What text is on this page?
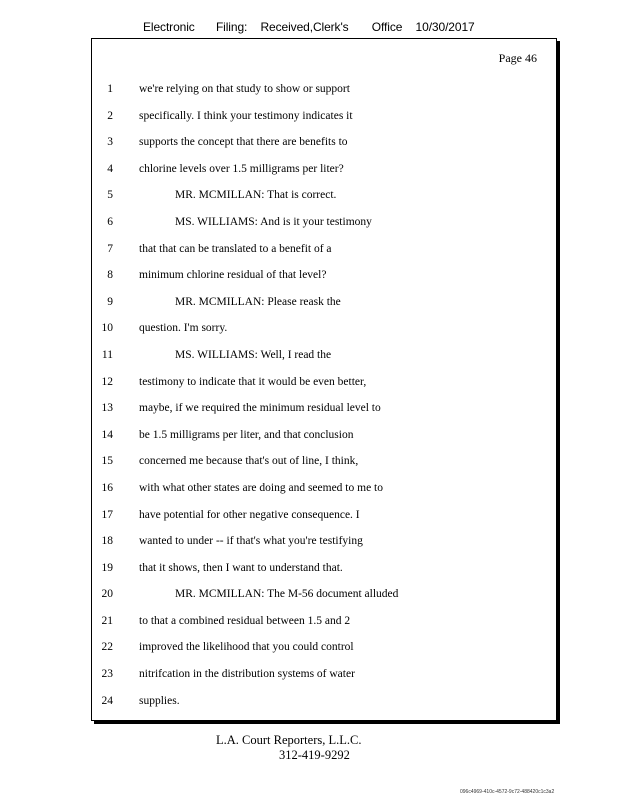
Electronic Filing: Received,Clerk's Office 10/30/2017
Page 46
1 we're relying on that study to show or support
2 specifically. I think your testimony indicates it
3 supports the concept that there are benefits to
4 chlorine levels over 1.5 milligrams per liter?
5	MR. MCMILLAN: That is correct.
6	MS. WILLIAMS: And is it your testimony
7 that that can be translated to a benefit of a
8 minimum chlorine residual of that level?
9	MR. MCMILLAN: Please reask the
10 question. I'm sorry.
11	MS. WILLIAMS: Well, I read the
12 testimony to indicate that it would be even better,
13 maybe, if we required the minimum residual level to
14 be 1.5 milligrams per liter, and that conclusion
15 concerned me because that's out of line, I think,
16 with what other states are doing and seemed to me to
17 have potential for other negative consequence. I
18 wanted to under -- if that's what you're testifying
19 that it shows, then I want to understand that.
20	MR. MCMILLAN: The M-56 document alluded
21 to that a combined residual between 1.5 and 2
22 improved the likelihood that you could control
23 nitrifcation in the distribution systems of water
24 supplies.
L.A. Court Reporters, L.L.C.
312-419-9292
096c4969-410c-4572-9c72-488420c1c3a2
